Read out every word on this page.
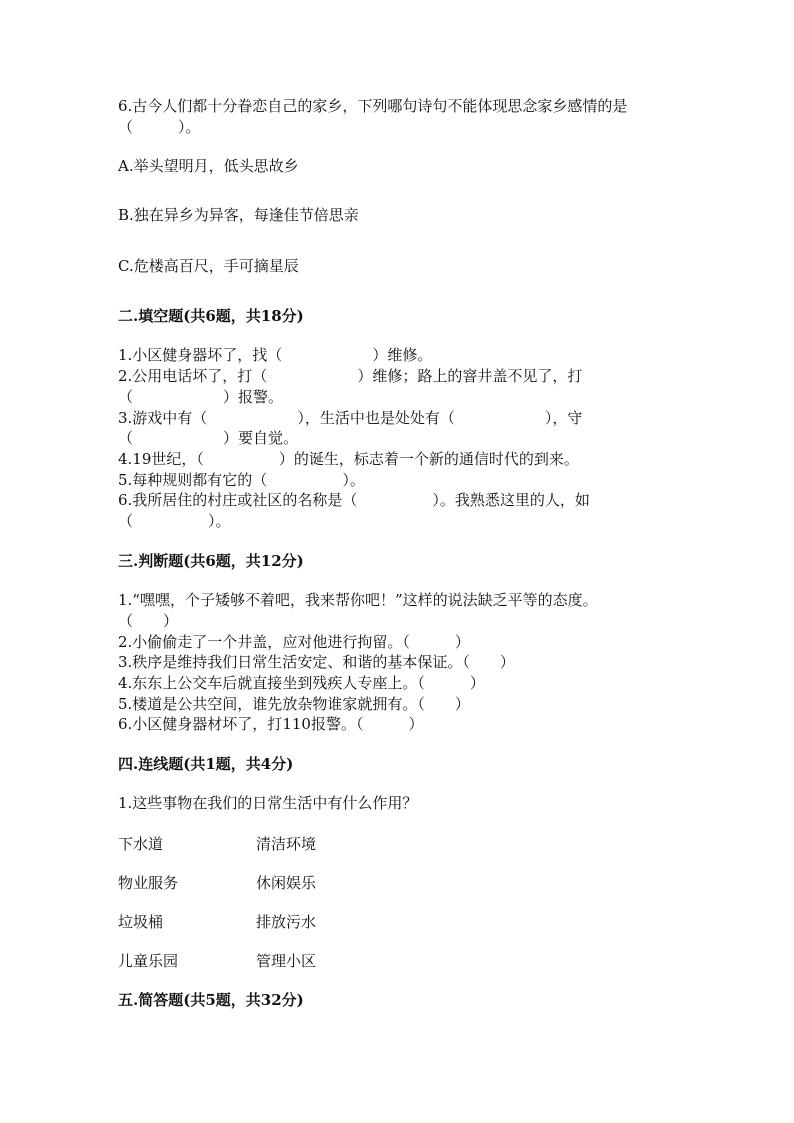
6.古今人们都十分眷恋自己的家乡，下列哪句诗句不能体现思念家乡感情的是
（　　　）。
A.举头望明月，低头思故乡
B.独在异乡为异客，每逢佳节倍思亲
C.危楼高百尺，手可摘星辰
二.填空题(共6题，共18分)
1.小区健身器坏了，找（　　　　　　）维修。
2.公用电话坏了，打（　　　　　　）维修；路上的窨井盖不见了，打
（　　　　　　）报警。
3.游戏中有（　　　　　　），生活中也是处处有（　　　　　　），守
（　　　　　　）要自觉。
4.19世纪，（　　　　　）的诞生，标志着一个新的通信时代的到来。
5.每种规则都有它的（　　　　　）。
6.我所居住的村庄或社区的名称是（　　　　　）。我熟悉这里的人，如
（　　　　　）。
三.判断题(共6题，共12分)
1.“嘿嘿，个子矮够不着吧，我来帮你吧！”这样的说法缺乏平等的态度。
（　　）
2.小偷偷走了一个井盖，应对他进行拘留。（　　　）
3.秩序是维持我们日常生活安定、和谐的基本保证。（　　）
4.东东上公交车后就直接坐到残疾人专座上。（　　　）
5.楼道是公共空间，谁先放杂物谁家就拥有。（　　）
6.小区健身器材坏了，打110报警。（　　　）
四.连线题(共1题，共4分)
1.这些事物在我们的日常生活中有什么作用？
下水道	清洁环境
物业服务	休闲娱乐
垃圾桶	排放污水
儿童乐园	管理小区
五.简答题(共5题，共32分)
